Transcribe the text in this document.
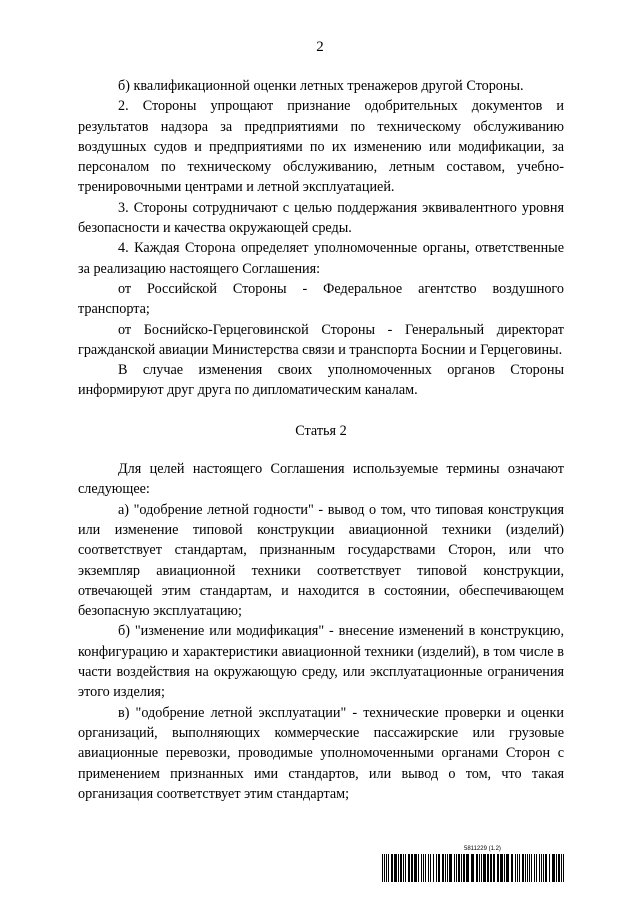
2

б) квалификационной оценки летных тренажеров другой Стороны.

2. Стороны упрощают признание одобрительных документов и результатов надзора за предприятиями по техническому обслуживанию воздушных судов и предприятиями по их изменению или модификации, за персоналом по техническому обслуживанию, летным составом, учебно-тренировочными центрами и летной эксплуатацией.

3. Стороны сотрудничают с целью поддержания эквивалентного уровня безопасности и качества окружающей среды.

4. Каждая Сторона определяет уполномоченные органы, ответственные за реализацию настоящего Соглашения:

от Российской Стороны - Федеральное агентство воздушного транспорта;

от Боснийско-Герцеговинской Стороны - Генеральный директорат гражданской авиации Министерства связи и транспорта Боснии и Герцеговины.

В случае изменения своих уполномоченных органов Стороны информируют друг друга по дипломатическим каналам.

Статья 2

Для целей настоящего Соглашения используемые термины означают следующее:

а) "одобрение летной годности" - вывод о том, что типовая конструкция или изменение типовой конструкции авиационной техники (изделий) соответствует стандартам, признанным государствами Сторон, или что экземпляр авиационной техники соответствует типовой конструкции, отвечающей этим стандартам, и находится в состоянии, обеспечивающем безопасную эксплуатацию;

б) "изменение или модификация" - внесение изменений в конструкцию, конфигурацию и характеристики авиационной техники (изделий), в том числе в части воздействия на окружающую среду, или эксплуатационные ограничения этого изделия;

в) "одобрение летной эксплуатации" - технические проверки и оценки организаций, выполняющих коммерческие пассажирские или грузовые авиационные перевозки, проводимые уполномоченными органами Сторон с применением признанных ими стандартов, или вывод о том, что такая организация соответствует этим стандартам;

5811229 (1.2)
